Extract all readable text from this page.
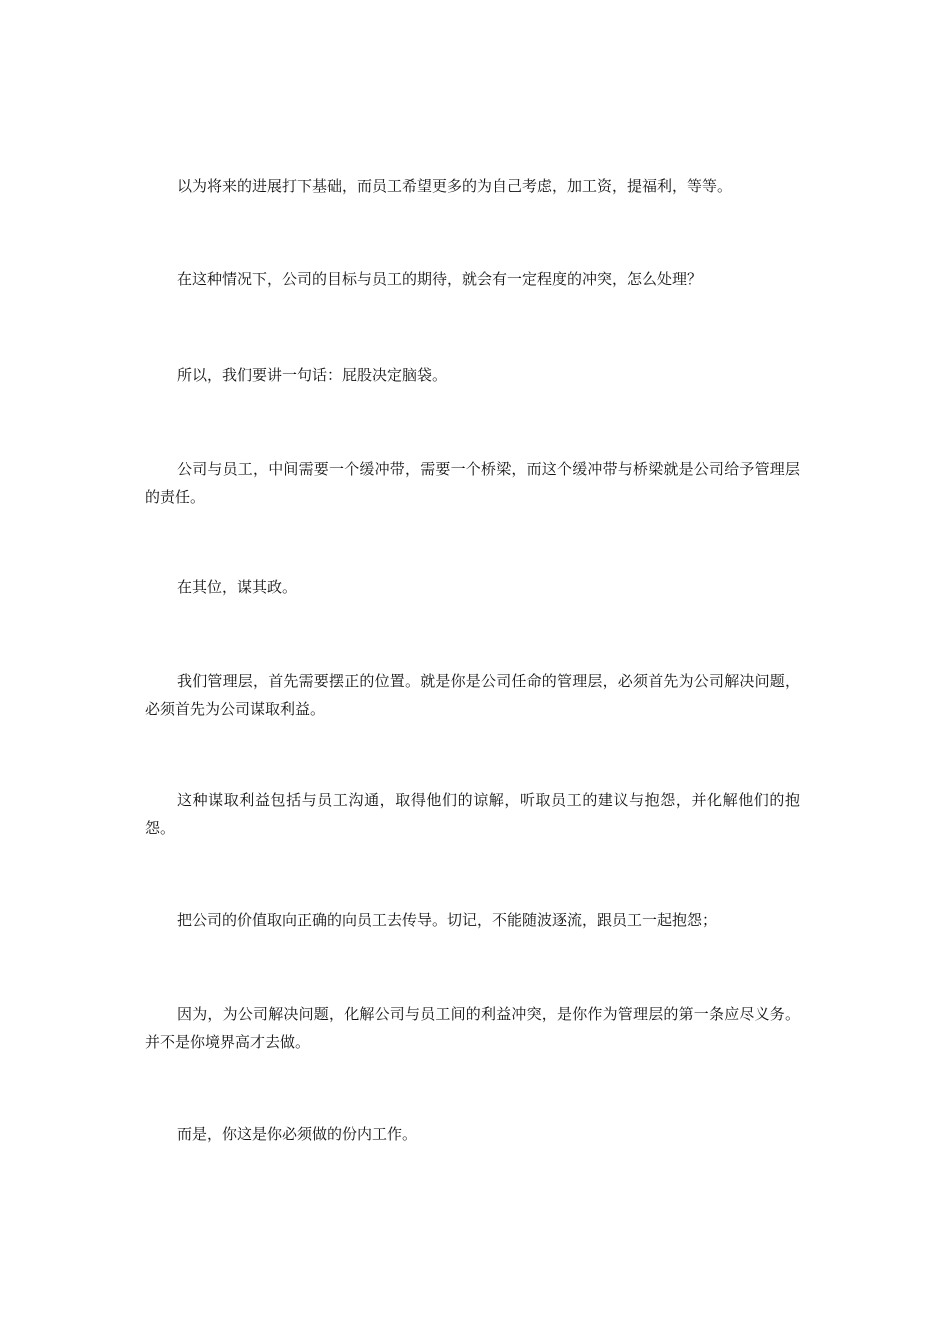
以为将来的进展打下基础，而员工希望更多的为自己考虑，加工资，提福利，等等。

在这种情况下，公司的目标与员工的期待，就会有一定程度的冲突，怎么处理？

所以，我们要讲一句话：屁股决定脑袋。

公司与员工，中间需要一个缓冲带，需要一个桥梁，而这个缓冲带与桥梁就是公司给予管理层的责任。

在其位，谋其政。

我们管理层，首先需要摆正的位置。就是你是公司任命的管理层，必须首先为公司解决问题，必须首先为公司谋取利益。

这种谋取利益包括与员工沟通，取得他们的谅解，听取员工的建议与抱怨，并化解他们的抱怨。

把公司的价值取向正确的向员工去传导。切记，不能随波逐流，跟员工一起抱怨；

因为，为公司解决问题，化解公司与员工间的利益冲突，是你作为管理层的第一条应尽义务。并不是你境界高才去做。

而是，你这是你必须做的份内工作。
